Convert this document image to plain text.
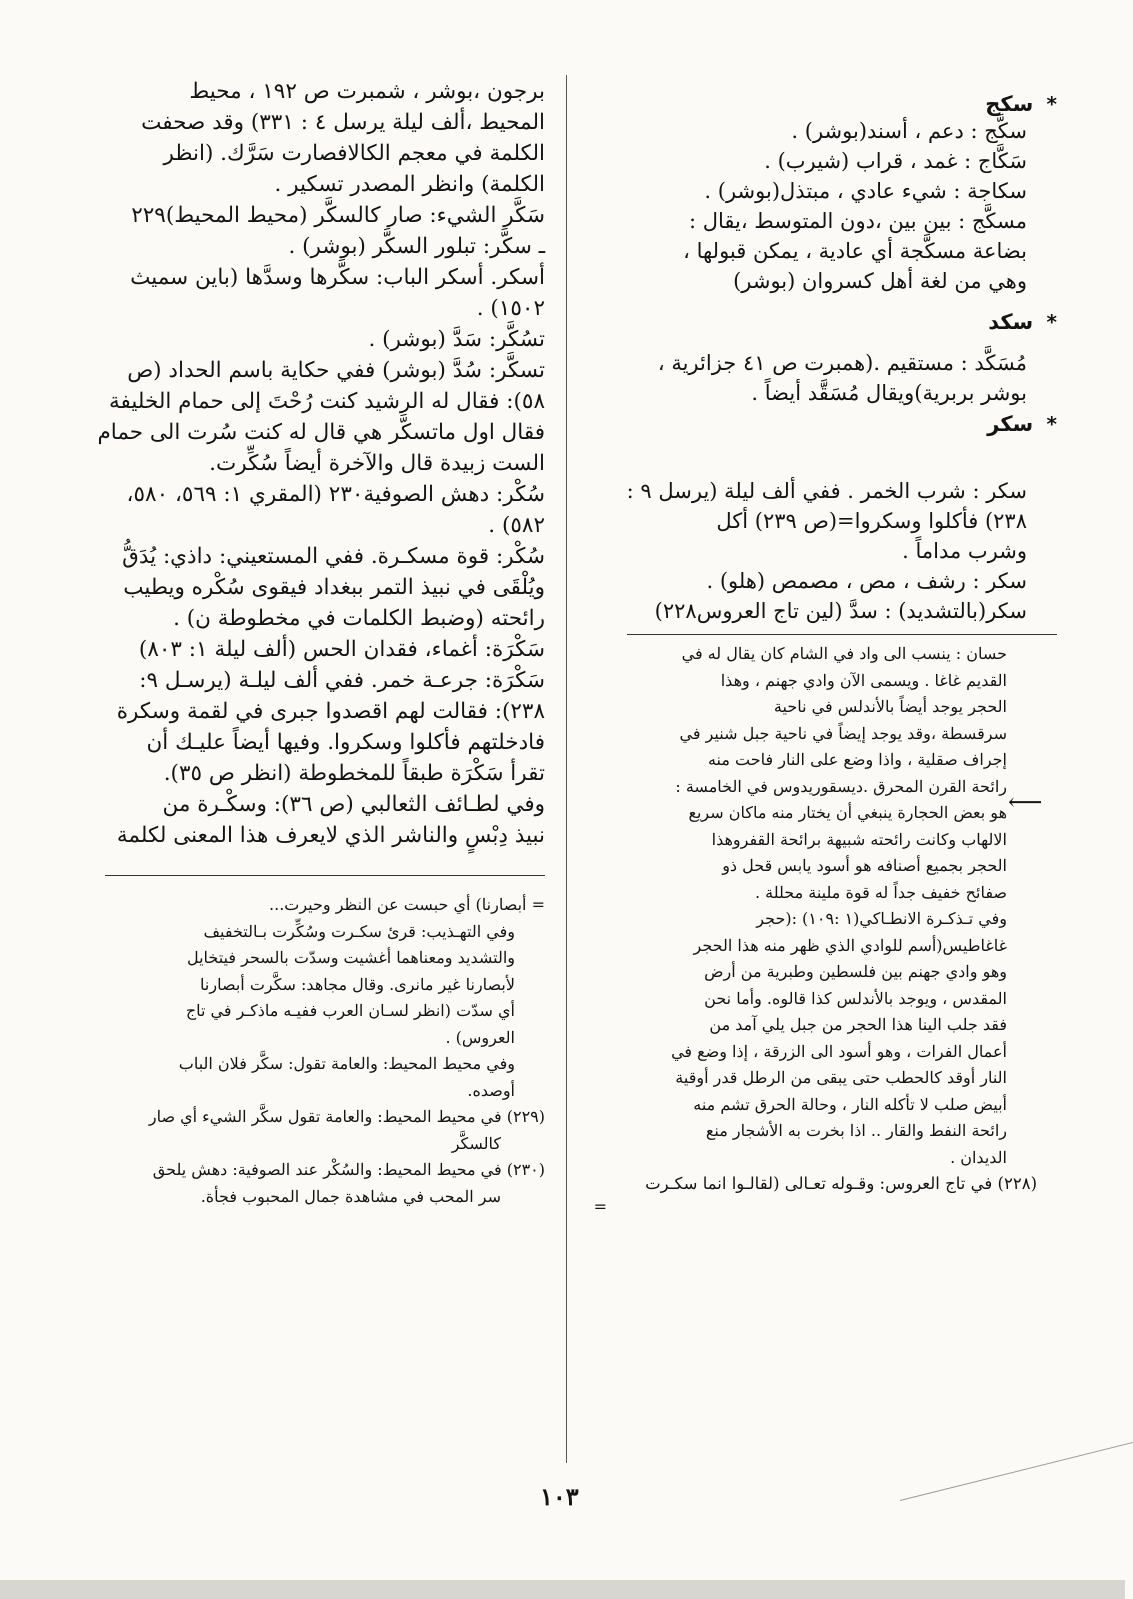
* سكج

سكَّج : دعم ، أسند(بوشر) .

سَكَّاج : غمد ، قراب (شيرب) .

سكاجة : شيء عادي ، مبتذل(بوشر) .

مسكَّج : بين بين ،دون المتوسط ،يقال :

بضاعة مسكَّجة أي عادية ، يمكن قبولها ،

وهي من لغة أهل كسروان (بوشر)

* سكد

مُسَكَّد : مستقيم .(همبرت ص ٤١ جزائرية ،

بوشر بربرية)ويقال مُسَقَّد أيضاً .

* سكر

سكر : شرب الخمر . ففي ألف ليلة (يرسل ٩ :

٢٣٨) فأكلوا وسكروا=(ص ٢٣٩) أكل

وشرب مداماً .

سكر : رشف ، مص ، مصمص (هلو) .

سكر(بالتشديد) : سدَّ (لين تاج العروس٢٢٨)

حسان : ينسب الى واد في الشام كان يقال له في

القديم غاغا . ويسمى الآن وادي جهنم ، وهذا

الحجر يوجد أيضاً بالأندلس في ناحية

سرقسطة ،وقد يوجد إيضاً في ناحية جبل شنير في

إجراف صقلية ، واذا وضع على النار فاحت منه

رائحة القرن المحرق .ديسقوريدوس في الخامسة :

هو بعض الحجارة ينبغي أن يختار منه ماكان سريع

الالهاب وكانت رائحته شبيهة برائحة القفروهذا

الحجر بجميع أصنافه هو أسود يابس قحل ذو

صفائح خفيف جداً له قوة ملينة محللة .

وفي تـذكـرة الانطـاكي(١ :١٠٩) :(حجر

غاغاطيس(أسم للوادي الذي ظهر منه هذا الحجر

وهو وادي جهنم بين فلسطين وطبرية من أرض

المقدس ، ويوجد بالأندلس كذا قالوه. وأما نحن

فقد جلب الينا هذا الحجر من جبل يلي آمد من

أعمال الفرات ، وهو أسود الى الزرقة ، إذا وضع في

النار أوقد كالحطب حتى يبقى من الرطل قدر أوقية

أبيض صلب لا تأكله النار ، وحالة الحرق تشم منه

رائحة النفط والقار .. اذا بخرت به الأشجار منع

الديدان .

(٢٢٨) في تاج العروس: وقـوله تعـالى (لقالـوا انما سكـرت

=

⟵

برجون ،بوشر ، شمبرت ص ١٩٢ ، محيط

المحيط ،ألف ليلة يرسل ٤ : ٣٣١) وقد صحفت

الكلمة في معجم الكالافصارت سَرَّك. (انظر

الكلمة) وانظر المصدر تسكير .

سَكَّر الشيء: صار كالسكَّر (محيط المحيط)٢٢٩

ـ سكَّر: تبلور السكَّر (بوشر) .

أسكر. أسكر الباب: سكَّرها وسدَّها (باين سميث

١٥٠٢) .

تسُكَّر: سَدَّ (بوشر) .

تسكَّر: سُدَّ (بوشر) ففي حكاية باسم الحداد (ص

٥٨): فقال له الرشيد كنت رُحْتَ إلى حمام الخليفة

فقال اول ماتسكَّر هي قال له كنت سُرت الى حمام

الست زبيدة قال والآخرة أيضاً سُكِّرت.

سُكْر: دهش الصوفية٢٣٠ (المقري ١: ٥٦٩، ٥٨٠،

٥٨٢) .

سُكْر: قوة مسكـرة. ففي المستعيني: داذي: يُدَقُّ

ويُلْقَى في نبيذ التمر ببغداد فيقوى سُكْره ويطيب

رائحته (وضبط الكلمات في مخطوطة ن) .

سَكْرَة: أغماء، فقدان الحس (ألف ليلة ١: ٨٠٣)

سَكْرَة: جرعـة خمر. ففي ألف ليلـة (يرسـل ٩:

٢٣٨): فقالت لهم اقصدوا جبرى في لقمة وسكرة

فادخلتهم فأكلوا وسكروا. وفيها أيضاً عليـك أن

تقرأ سَكْرَة طبقاً للمخطوطة (انظر ص ٣٥).

وفي لطـائف الثعالبي (ص ٣٦): وسكْـرة من

نبيذ دِبْسٍ والناشر الذي لايعرف هذا المعنى لكلمة

= أبصارنا) أي حبست عن النظر وحيرت...

وفي التهـذيب: قرئ سكـرت وسُكِّرت بـالتخفيف

والتشديد ومعناهما أغشيت وسدّت بالسحر فيتخايل

لأبصارنا غير مانرى. وقال مجاهد: سكَّرت أبصارنا

أي سدّت (انظر لسـان العرب ففيـه ماذكـر في تاج

العروس) .

وفي محيط المحيط: والعامة تقول: سكَّر فلان الباب

أوصده.

(٢٢٩) في محيط المحيط: والعامة تقول سكَّر الشيء أي صار

كالسكَّر

(٢٣٠) في محيط المحيط: والسُكْر عند الصوفية: دهش يلحق

سر المحب في مشاهدة جمال المحبوب فجأة.

١٠٣
